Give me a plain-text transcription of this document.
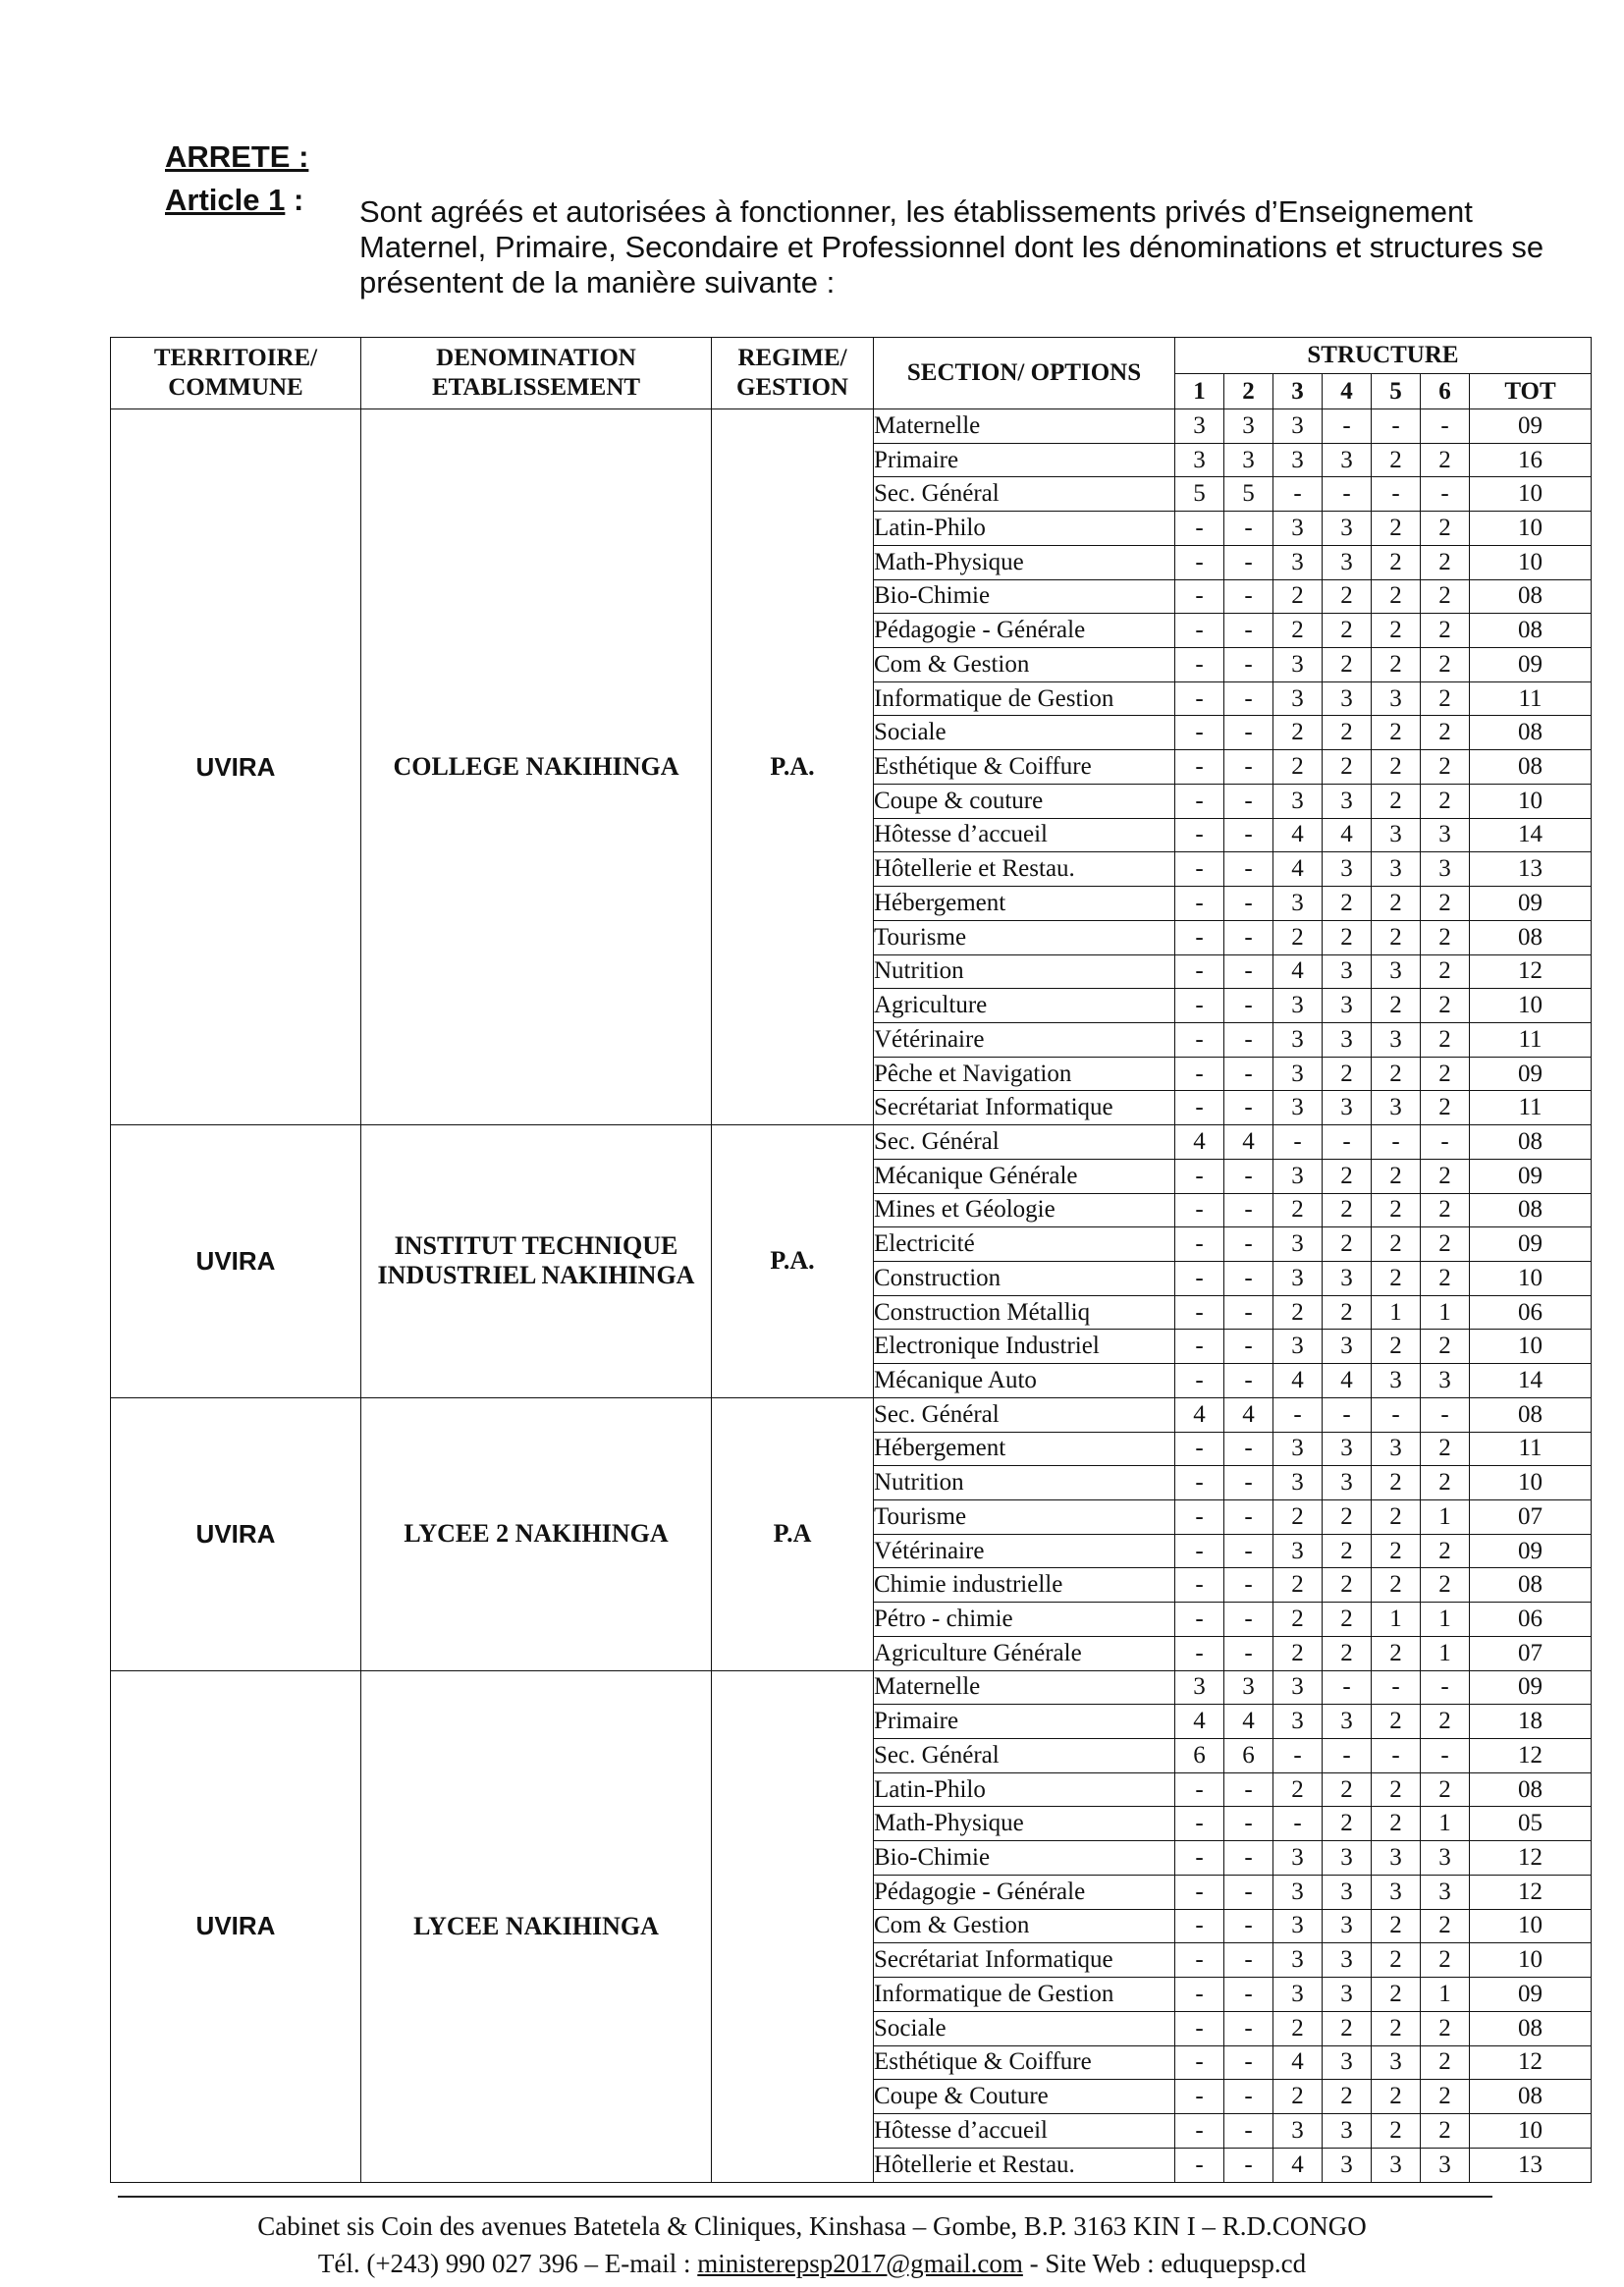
ARRETE :
Article 1 : Sont agréés et autorisées à fonctionner, les établissements privés d’Enseignement Maternel, Primaire, Secondaire et Professionnel dont les dénominations et structures se présentent de la manière suivante :
TERRITOIRE/ COMMUNE	DENOMINATION ETABLISSEMENT	REGIME/ GESTION	SECTION/ OPTIONS	STRUCTURE						
				1	2	3	4	5	6	TOT
UVIRA	COLLEGE NAKIHINGA	P.A.	Maternelle	3	3	3	-	-	-	09
			Primaire	3	3	3	3	2	2	16
			Sec. Général	5	5	-	-	-	-	10
			Latin-Philo	-	-	3	3	2	2	10
			Math-Physique	-	-	3	3	2	2	10
			Bio-Chimie	-	-	2	2	2	2	08
			Pédagogie - Générale	-	-	2	2	2	2	08
			Com & Gestion	-	-	3	2	2	2	09
			Informatique de Gestion	-	-	3	3	3	2	11
			Sociale	-	-	2	2	2	2	08
			Esthétique & Coiffure	-	-	2	2	2	2	08
			Coupe & couture	-	-	3	3	2	2	10
			Hôtesse d’accueil	-	-	4	4	3	3	14
			Hôtellerie et Restau.	-	-	4	3	3	3	13
			Hébergement	-	-	3	2	2	2	09
			Tourisme	-	-	2	2	2	2	08
			Nutrition	-	-	4	3	3	2	12
			Agriculture	-	-	3	3	2	2	10
			Vétérinaire	-	-	3	3	3	2	11
			Pêche et Navigation	-	-	3	2	2	2	09
			Secrétariat Informatique	-	-	3	3	3	2	11
UVIRA	INSTITUT TECHNIQUE INDUSTRIEL NAKIHINGA	P.A.	Sec. Général	4	4	-	-	-	-	08
			Mécanique Générale	-	-	3	2	2	2	09
			Mines et Géologie	-	-	2	2	2	2	08
			Electricité	-	-	3	2	2	2	09
			Construction	-	-	3	3	2	2	10
			Construction Métalliq	-	-	2	2	1	1	06
			Electronique Industriel	-	-	3	3	2	2	10
			Mécanique Auto	-	-	4	4	3	3	14
UVIRA	LYCEE 2 NAKIHINGA	P.A	Sec. Général	4	4	-	-	-	-	08
			Hébergement	-	-	3	3	3	2	11
			Nutrition	-	-	3	3	2	2	10
			Tourisme	-	-	2	2	2	1	07
			Vétérinaire	-	-	3	2	2	2	09
			Chimie industrielle	-	-	2	2	2	2	08
			Pétro - chimie	-	-	2	2	1	1	06
			Agriculture Générale	-	-	2	2	2	1	07
UVIRA	LYCEE NAKIHINGA		Maternelle	3	3	3	-	-	-	09
			Primaire	4	4	3	3	2	2	18
			Sec. Général	6	6	-	-	-	-	12
			Latin-Philo	-	-	2	2	2	2	08
			Math-Physique	-	-	-	2	2	1	05
			Bio-Chimie	-	-	3	3	3	3	12
			Pédagogie - Générale	-	-	3	3	3	3	12
			Com & Gestion	-	-	3	3	2	2	10
			Secrétariat Informatique	-	-	3	3	2	2	10
			Informatique de Gestion	-	-	3	3	2	1	09
			Sociale	-	-	2	2	2	2	08
			Esthétique & Coiffure	-	-	4	3	3	2	12
			Coupe & Couture	-	-	2	2	2	2	08
			Hôtesse d’accueil	-	-	3	3	2	2	10
			Hôtellerie et Restau.	-	-	4	3	3	3	13
Cabinet sis Coin des avenues Batetela & Cliniques, Kinshasa – Gombe, B.P. 3163 KIN I – R.D.CONGO
Tél. (+243) 990 027 396 – E-mail : ministerepsp2017@gmail.com - Site Web : eduquepsp.cd
